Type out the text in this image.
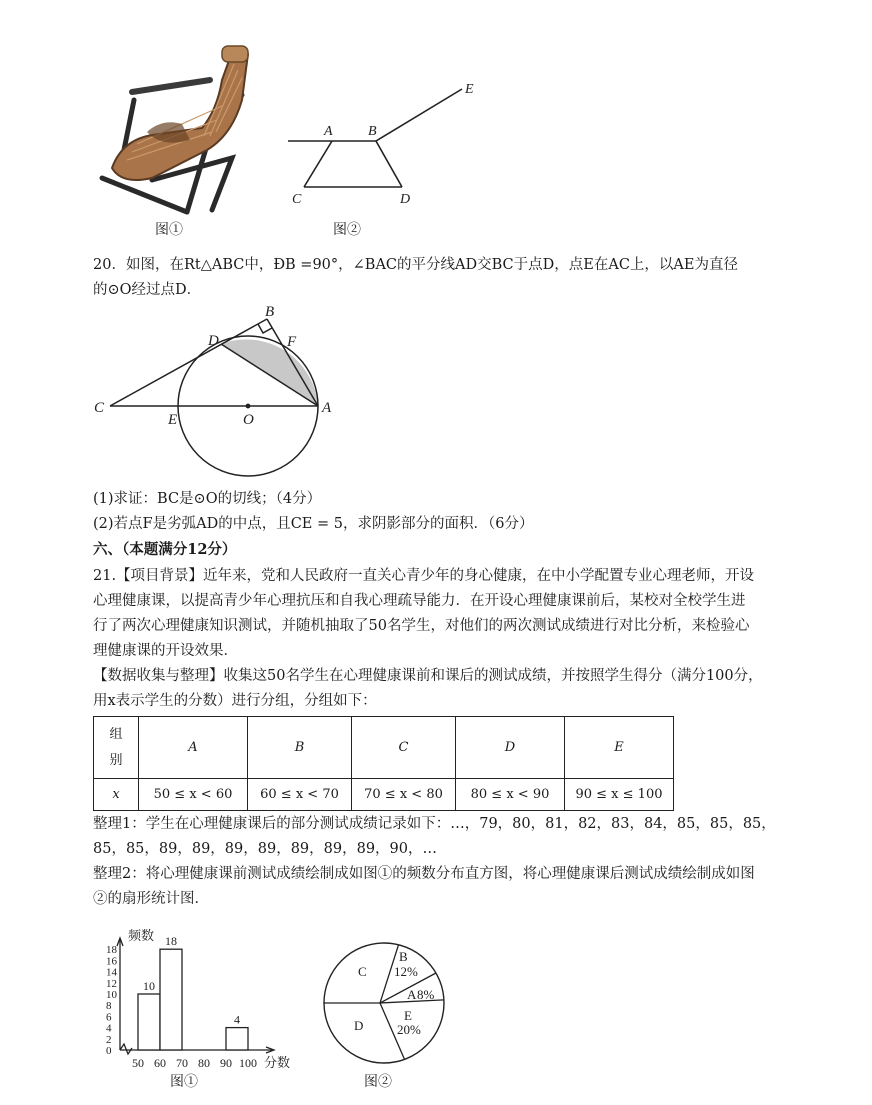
图①
A	B
E
C	D
图②
20．如图，在Rt△ABC中，ÐB =90°，∠BAC的平分线AD交BC于点D，点E在AC上，以AE为直径
的⊙O经过点D．
B
D	F
C
E	O
A
(1)求证：BC是⊙O的切线；（4分）
(2)若点F是劣弧AD的中点，且CE = 5，求阴影部分的面积．（6分）
六、（本题满分12分）
21.【项目背景】近年来，党和人民政府一直关心青少年的身心健康，在中小学配置专业心理老师，开设
心理健康课，以提高青少年心理抗压和自我心理疏导能力．在开设心理健康课前后，某校对全校学生进
行了两次心理健康知识测试，并随机抽取了50名学生，对他们的两次测试成绩进行对比分析，来检验心
理健康课的开设效果．
【数据收集与整理】收集这50名学生在心理健康课前和课后的测试成绩，并按照学生得分（满分100分，
用x表示学生的分数）进行分组，分组如下：
组
别	A	B	C	D	E
x	50 ≤ x < 60	60 ≤ x < 70	70 ≤ x < 80	80 ≤ x < 90	90 ≤ x ≤ 100
整理1：学生在心理健康课后的部分测试成绩记录如下：…，79，80，81，82，83，84，85，85，85，
85，85，89，89，89，89，89，89，89，90，…
整理2：将心理健康课前测试成绩绘制成如图①的频数分布直方图，将心理健康课后测试成绩绘制成如图
②的扇形统计图．
频数
分数
0
2
4
6
8
10
12
14
16
18
50 60 70 80 90 100
10
18
4
图①
C
D
B
12%
A 8%
E
20%
图②
